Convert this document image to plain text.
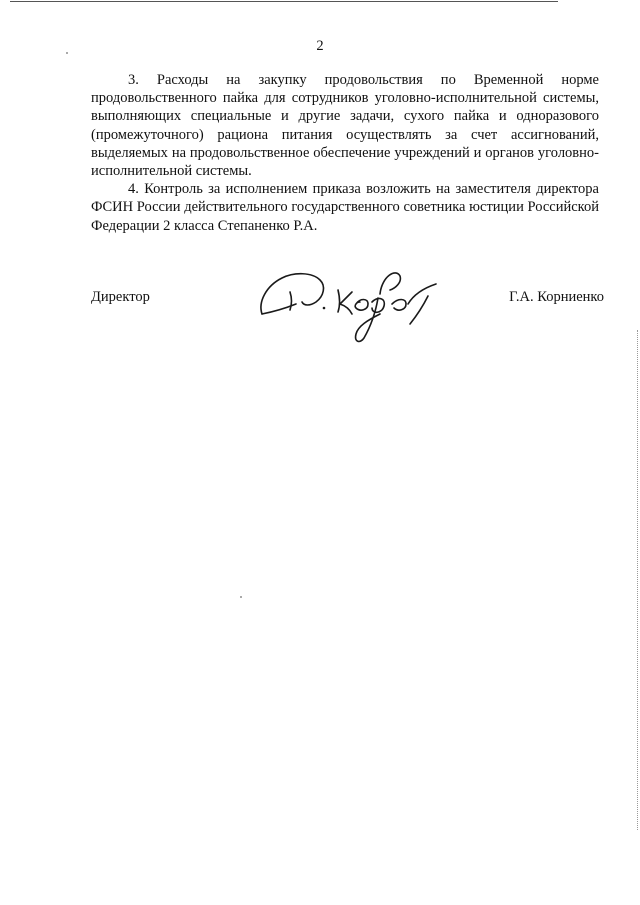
2

3. Расходы на закупку продовольствия по Временной норме продовольственного пайка для сотрудников уголовно-исполнительной системы, выполняющих специальные и другие задачи, сухого пайка и одноразового (промежуточного) рациона питания осуществлять за счет ассигнований, выделяемых на продовольственное обеспечение учреждений и органов уголовно-исполнительной системы.

4. Контроль за исполнением приказа возложить на заместителя директора ФСИН России действительного государственного советника юстиции Российской Федерации 2 класса Степаненко Р.А.

Директор	Г.А. Корниенко
